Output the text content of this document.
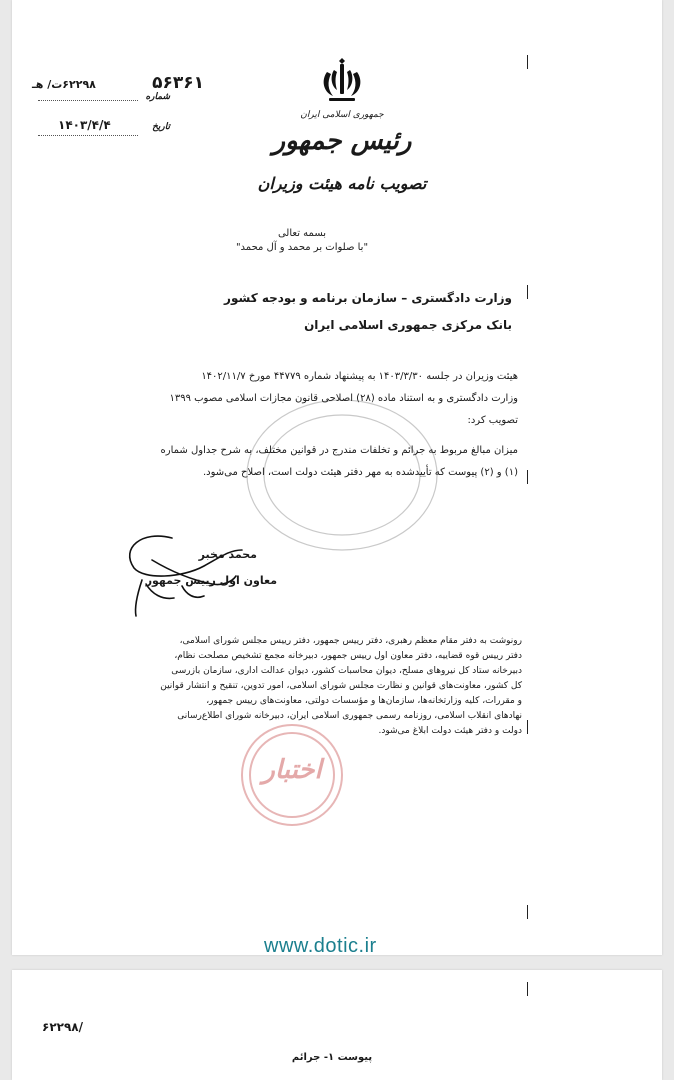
۵۶۳۶۱
۶۲۲۹۸ت/ هـ
شماره
۱۴۰۳/۴/۴	تاریخ
جمهوری اسلامی ایران
رئیس جمهور
تصویب نامه هیئت وزیران
بسمه تعالی
"با صلوات بر محمد و آل محمد"
وزارت دادگستری – سازمان برنامه و بودجه کشور
بانک مرکزی جمهوری اسلامی ایران
هیئت وزیران در جلسه ۱۴۰۳/۳/۳۰ به پیشنهاد شماره ۴۴۷۷۹ مورخ ۱۴۰۲/۱۱/۷
وزارت دادگستری و به استناد ماده (۲۸) اصلاحی قانون مجازات اسلامی مصوب ۱۳۹۹
تصویب کرد:
میزان مبالغ مربوط به جرائم و تخلفات مندرج در قوانین مختلف، به شرح جداول شماره
(۱) و (۲) پیوست که تأییدشده به مهر دفتر هیئت دولت است، اصلاح می‌شود.
محمد مخبر
معاون اول رییس جمهور
اختبار
رونوشت به دفتر مقام معظم رهبری، دفتر رییس جمهور، دفتر رییس مجلس شورای اسلامی،
دفتر رییس قوه قضاییه، دفتر معاون اول رییس جمهور، دبیرخانه مجمع تشخیص مصلحت نظام،
دبیرخانه ستاد کل نیروهای مسلح، دیوان محاسبات کشور، دیوان عدالت اداری، سازمان بازرسی
کل کشور، معاونت‌های قوانین و نظارت مجلس شورای اسلامی، امور تدوین، تنقیح و انتشار قوانین
و مقررات، کلیه وزارتخانه‌ها، سازمان‌ها و مؤسسات دولتی، معاونت‌های رییس جمهور،
نهادهای انقلاب اسلامی، روزنامه رسمی جمهوری اسلامی ایران، دبیرخانه شورای اطلاع‌رسانی
دولت و دفتر هیئت دولت ابلاغ می‌شود.
www.dotic.ir
۶۲۲۹۸/
پیوست ۱- جرائم
